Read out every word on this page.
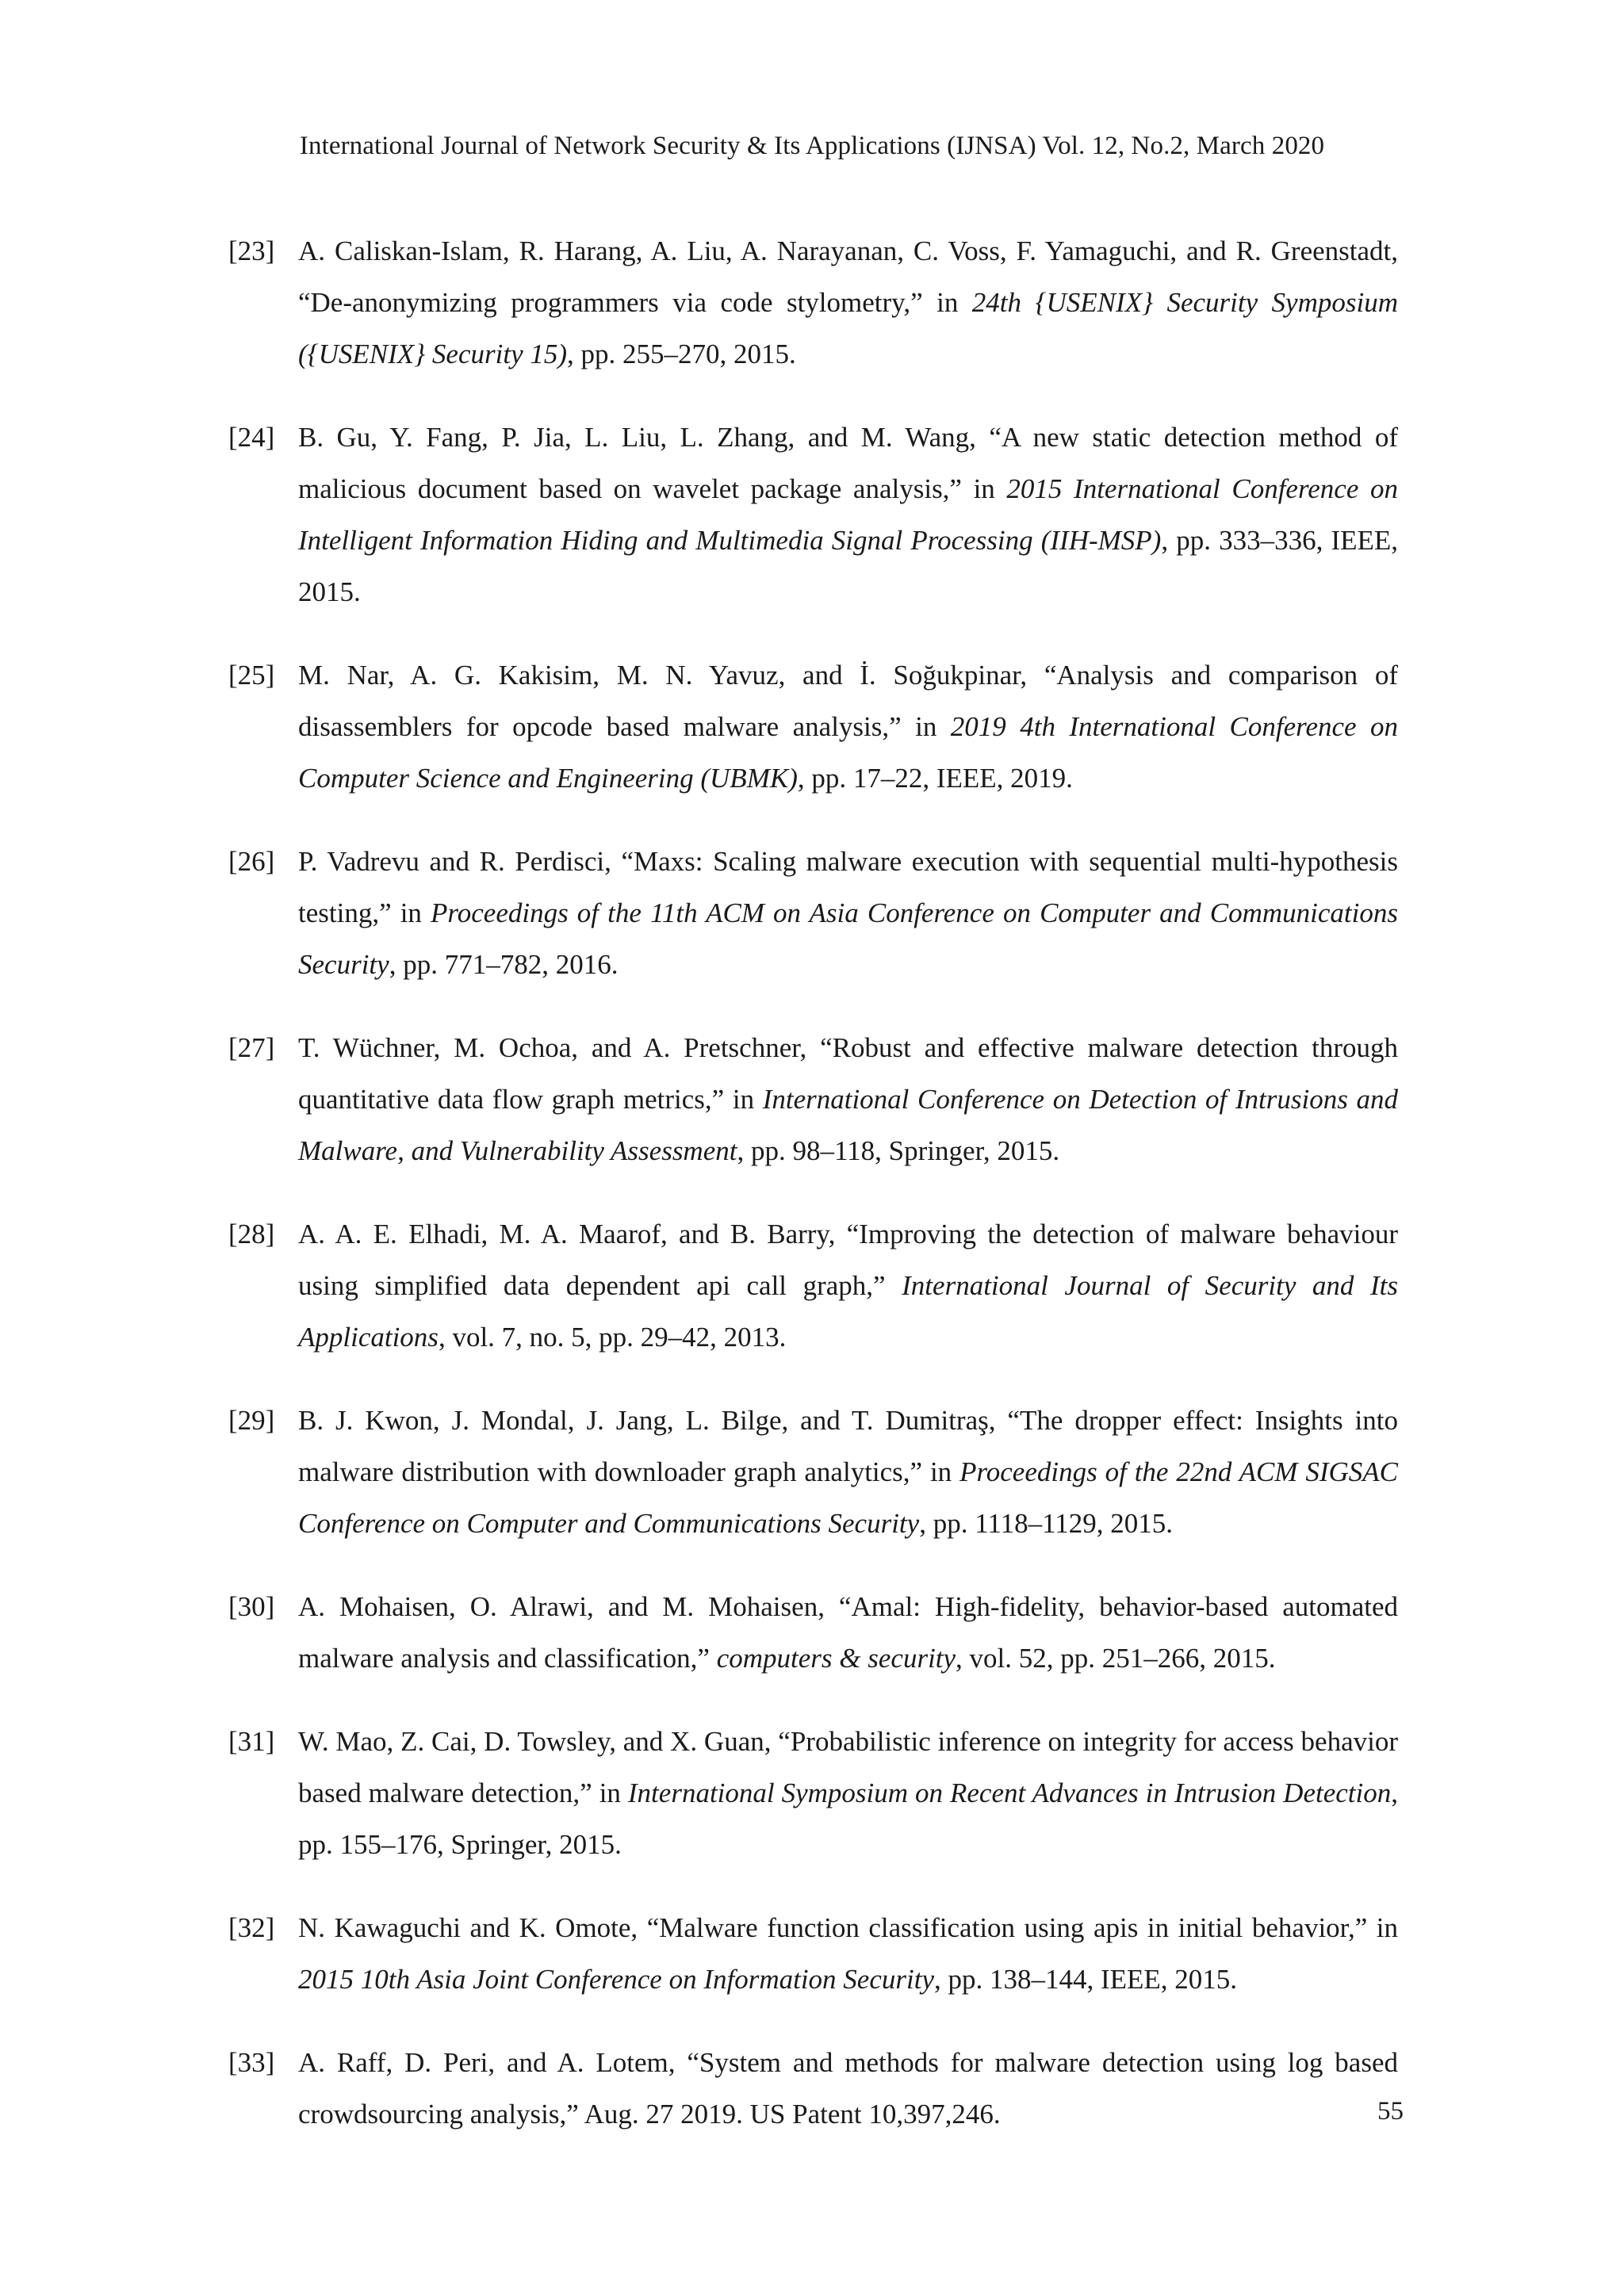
International Journal of Network Security & Its Applications (IJNSA) Vol. 12, No.2, March 2020
[23] A. Caliskan-Islam, R. Harang, A. Liu, A. Narayanan, C. Voss, F. Yamaguchi, and R. Greenstadt, “De-anonymizing programmers via code stylometry,” in 24th {USENIX} Security Symposium ({USENIX} Security 15), pp. 255–270, 2015.
[24] B. Gu, Y. Fang, P. Jia, L. Liu, L. Zhang, and M. Wang, “A new static detection method of malicious document based on wavelet package analysis,” in 2015 International Conference on Intelligent Information Hiding and Multimedia Signal Processing (IIH-MSP), pp. 333–336, IEEE, 2015.
[25] M. Nar, A. G. Kakisim, M. N. Yavuz, and İ. Soğukpinar, “Analysis and comparison of disassemblers for opcode based malware analysis,” in 2019 4th International Conference on Computer Science and Engineering (UBMK), pp. 17–22, IEEE, 2019.
[26] P. Vadrevu and R. Perdisci, “Maxs: Scaling malware execution with sequential multi-hypothesis testing,” in Proceedings of the 11th ACM on Asia Conference on Computer and Communications Security, pp. 771–782, 2016.
[27] T. Wüchner, M. Ochoa, and A. Pretschner, “Robust and effective malware detection through quantitative data flow graph metrics,” in International Conference on Detection of Intrusions and Malware, and Vulnerability Assessment, pp. 98–118, Springer, 2015.
[28] A. A. E. Elhadi, M. A. Maarof, and B. Barry, “Improving the detection of malware behaviour using simplified data dependent api call graph,” International Journal of Security and Its Applications, vol. 7, no. 5, pp. 29–42, 2013.
[29] B. J. Kwon, J. Mondal, J. Jang, L. Bilge, and T. Dumitraş, “The dropper effect: Insights into malware distribution with downloader graph analytics,” in Proceedings of the 22nd ACM SIGSAC Conference on Computer and Communications Security, pp. 1118–1129, 2015.
[30] A. Mohaisen, O. Alrawi, and M. Mohaisen, “Amal: High-fidelity, behavior-based automated malware analysis and classification,” computers & security, vol. 52, pp. 251–266, 2015.
[31] W. Mao, Z. Cai, D. Towsley, and X. Guan, “Probabilistic inference on integrity for access behavior based malware detection,” in International Symposium on Recent Advances in Intrusion Detection, pp. 155–176, Springer, 2015.
[32] N. Kawaguchi and K. Omote, “Malware function classification using apis in initial behavior,” in 2015 10th Asia Joint Conference on Information Security, pp. 138–144, IEEE, 2015.
[33] A. Raff, D. Peri, and A. Lotem, “System and methods for malware detection using log based crowdsourcing analysis,” Aug. 27 2019. US Patent 10,397,246.	55
